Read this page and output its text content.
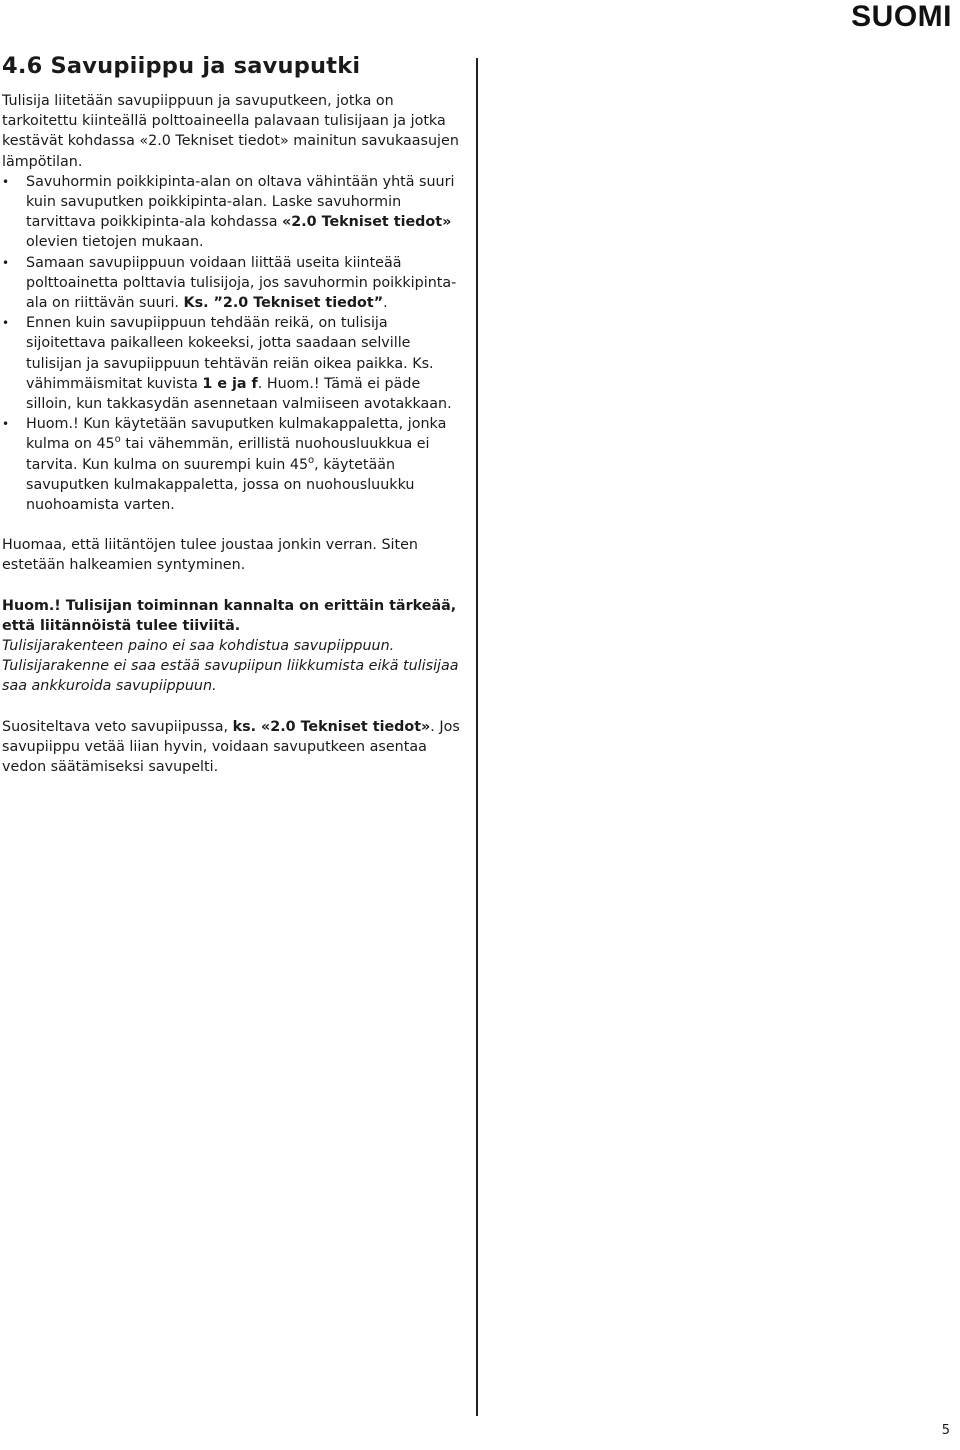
SUOMI
4.6 Savupiippu ja savuputki

Tulisija liitetään savupiippuun ja savuputkeen, jotka on tarkoitettu kiinteällä polttoaineella palavaan tulisijaan ja jotka kestävät kohdassa «2.0 Tekniset tiedot» mainitun savukaasujen lämpötilan.

• Savuhormin poikkipinta-alan on oltava vähintään yhtä suuri kuin savuputken poikkipinta-alan. Laske savuhormin tarvittava poikkipinta-ala kohdassa «2.0 Tekniset tiedot» olevien tietojen mukaan.
• Samaan savupiippuun voidaan liittää useita kiinteää polttoainetta polttavia tulisijoja, jos savuhormin poikkipinta-ala on riittävän suuri. Ks. ”2.0 Tekniset tiedot”.
• Ennen kuin savupiippuun tehdään reikä, on tulisija sijoitettava paikalleen kokeeksi, jotta saadaan selville tulisijan ja savupiippuun tehtävän reiän oikea paikka. Ks. vähimmäismitat kuvista 1 e ja f. Huom.! Tämä ei päde silloin, kun takkasydän asennetaan valmiiseen avotakkaan.
• Huom.! Kun käytetään savuputken kulmakappaletta, jonka kulma on 45$^o$ tai vähemmän, erillistä nuohousluukkua ei tarvita. Kun kulma on suurempi kuin 45$^o$, käytetään savuputken kulmakappaletta, jossa on nuohousluukku nuohoamista varten.

Huomaa, että liitäntöjen tulee joustaa jonkin verran. Siten estetään halkeamien syntyminen.

Huom.! Tulisijan toiminnan kannalta on erittäin tärkeää, että liitännöistä tulee tiiviitä.

Tulisijarakenteen paino ei saa kohdistua savupiippuun.

Tulisijarakenne ei saa estää savupiipun liikkumista eikä tulisijaa saa ankkuroida savupiippuun.

Suositeltava veto savupiipussa, ks. «2.0 Tekniset tiedot». Jos savupiippu vetää liian hyvin, voidaan savuputkeen asentaa vedon säätämiseksi savupelti.

5
